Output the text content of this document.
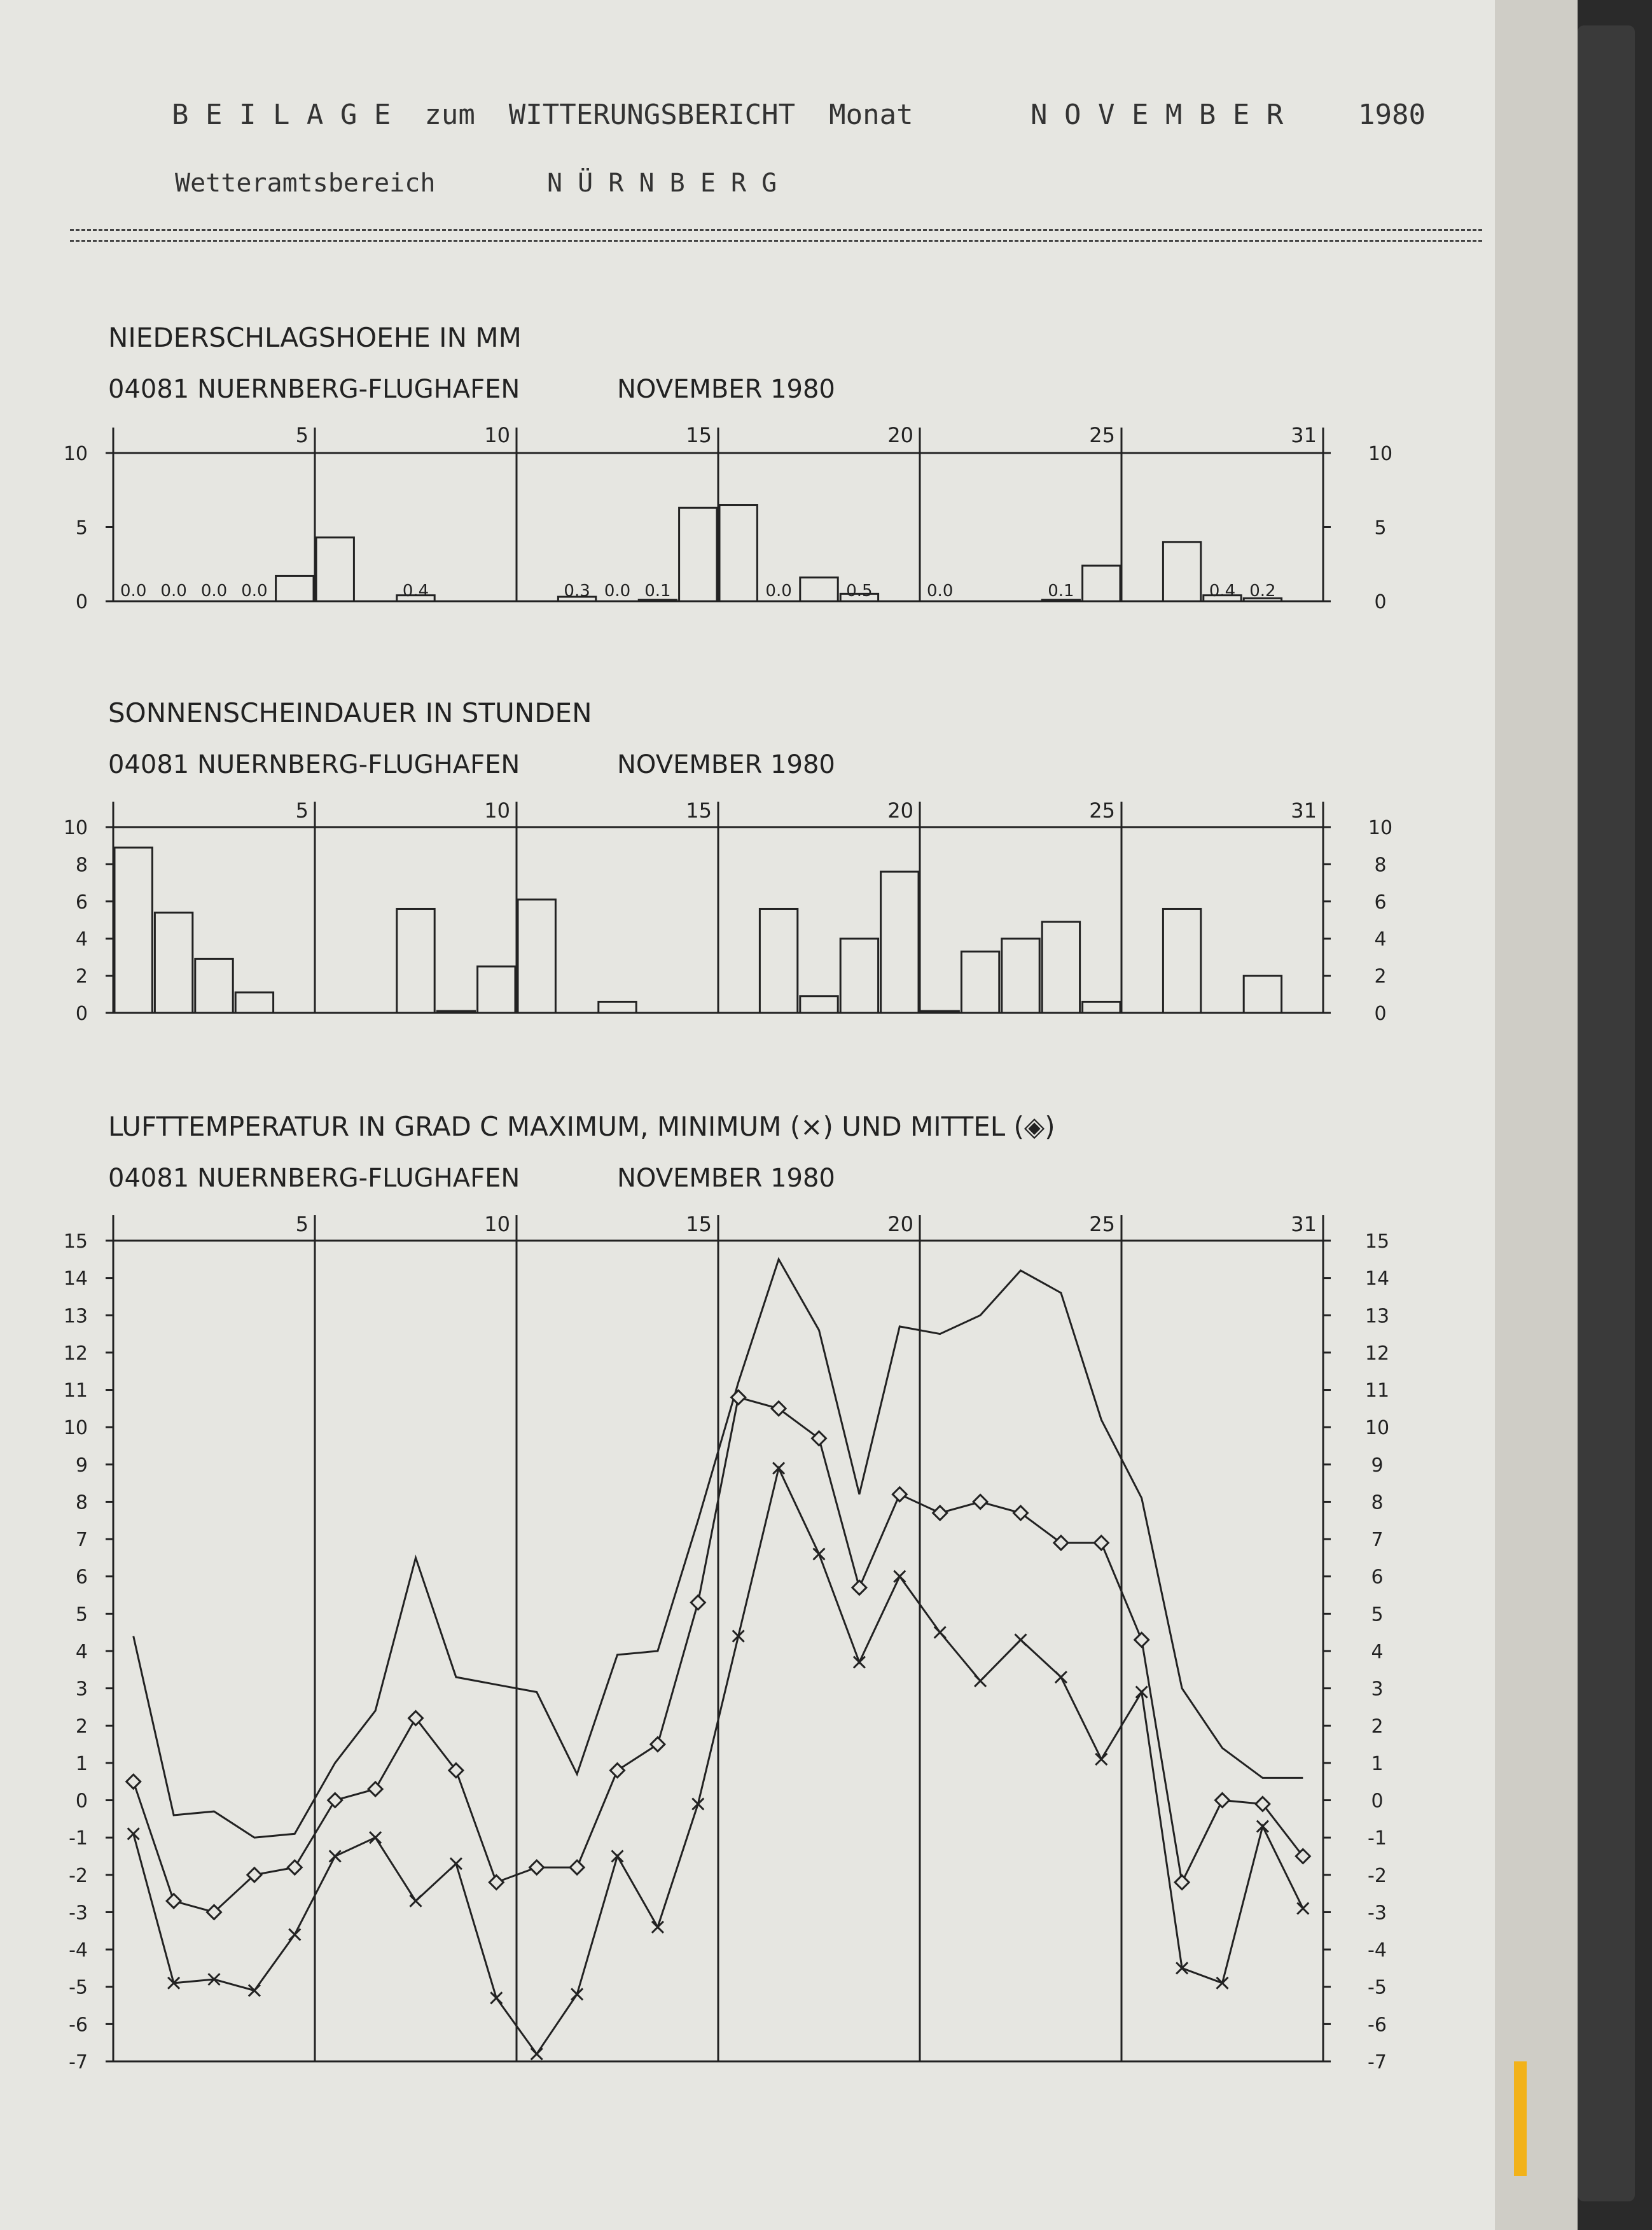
B E I L A G E  zum  WITTERUNGSBERICHT  Monat	N O V E M B E R	1980
Wetteramtsbereich	N Ü R N B E R G
NIEDERSCHLAGSHOEHE IN MM
04081 NUERNBERG-FLUGHAFEN	NOVEMBER 1980
5	10	15	20	25	31
0	0
5	5
10	10
0.0 0.0 0.0 0.0	0.4	0.3 0.0 0.1	0.0	0.5	0.0	0.1	0.4 0.2
SONNENSCHEINDAUER IN STUNDEN
04081 NUERNBERG-FLUGHAFEN	NOVEMBER 1980
5	10	15	20	25	31
0	0
2	2
4	4
6	6
8	8
10	10
LUFTTEMPERATUR IN GRAD C MAXIMUM, MINIMUM (×) UND MITTEL (◈)
04081 NUERNBERG-FLUGHAFEN	NOVEMBER 1980
5	10	15	20	25	31
-7	-7
-6	-6
-5	-5
-4	-4
-3	-3
-2	-2
-1	-1
0	0
1	1
2	2
3	3
4	4
5	5
6	6
7	7
8	8
9	9
10	10
11	11
12	12
13	13
14	14
15	15
